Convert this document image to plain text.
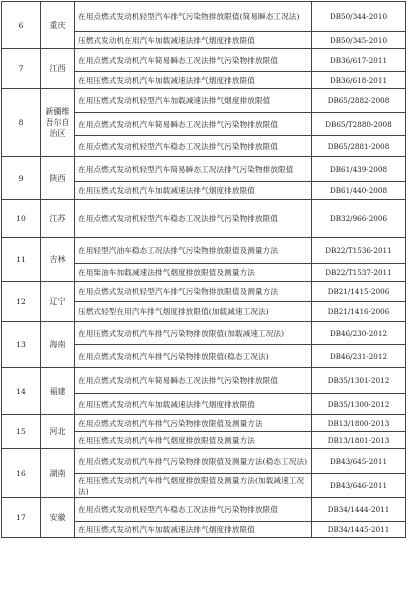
6	重庆	在用点燃式发动机轻型汽车排气污染物排放限值(简易瞬态工况法)	DB50/344-2010
		压燃式发动机在用汽车加载减速法排气烟度排放限值	DB50/345-2010
7	江西	在用点燃式发动机汽车简易瞬态工况法排气污染物排放限值	DB36/617-2011
		在用压燃式发动机汽车加载减速法排气烟度排放限值	DB36/618-2011
8	新疆维吾尔自治区	在用压燃式发动机轻型汽车加载减速法排气烟度排放限值	DB65/2882-2008
		在用点燃式发动机汽车简易瞬态工况法排气污染物排放限值	DB65/T2880-2008
		在用点燃式发动机轻型汽车稳态工况法排气污染物排放限值	DB65/2881-2008
9	陕西	在用点燃式发动机轻型汽车简易瞬态工况法排气污染物排放限值	DB61/439-2008
		在用压燃式发动机汽车加载减速法排气烟度排放限值	DB61/440-2008
10	江苏	在用点燃式发动机轻型汽车稳态工况法排气污染物排放限值	DB32/966-2006
11	吉林	在用轻型汽油车稳态工况法排气污染物排放限值及测量方法	DB22/T1536-2011
		在用柴油车加载减速法排气烟度排放限值及测量方法	DB22/T1537-2011
12	辽宁	在用点燃式发动机轻型汽车排气污染物排放限值及测量方法	DB21/1415-2006
		压燃式轻型在用汽车排气烟度排放限值(加载减速工况法)	DB21/1416-2006
13	海南	在用压燃式发动机汽车排气污染物排放限值(加载减速工况法)	DB46/230-2012
		在用点燃式发动机汽车排气污染物排放限值(稳态工况法)	DB46/231-2012
14	福建	在用点燃式发动机汽车简易瞬态工况法排气污染物排放限值	DB35/1301-2012
		在用压燃式发动机汽车加载减速法排气烟度排放限值	DB35/1300-2012
15	河北	在用点燃式发动机汽车排气污染物排放限值及测量方法	DB13/1800-2013
		在用压燃式发动机汽车排气烟度排放限值及测量方法	DB13/1801-2013
16	湖南	在用点燃式发动机汽车排气污染物排放限值及测量方法(稳态工况法)	DB43/645-2011
		在用压燃式发动机汽车排气烟度排放限值及测量方法(加载减速工况法)	DB43/646-2011
17	安徽	在用点燃式发动机轻型汽车稳态工况法排气污染物排放限值	DB34/1444-2011
		在用压燃式发动机汽车加载减速法排气烟度排放限值	DB34/1445-2011
